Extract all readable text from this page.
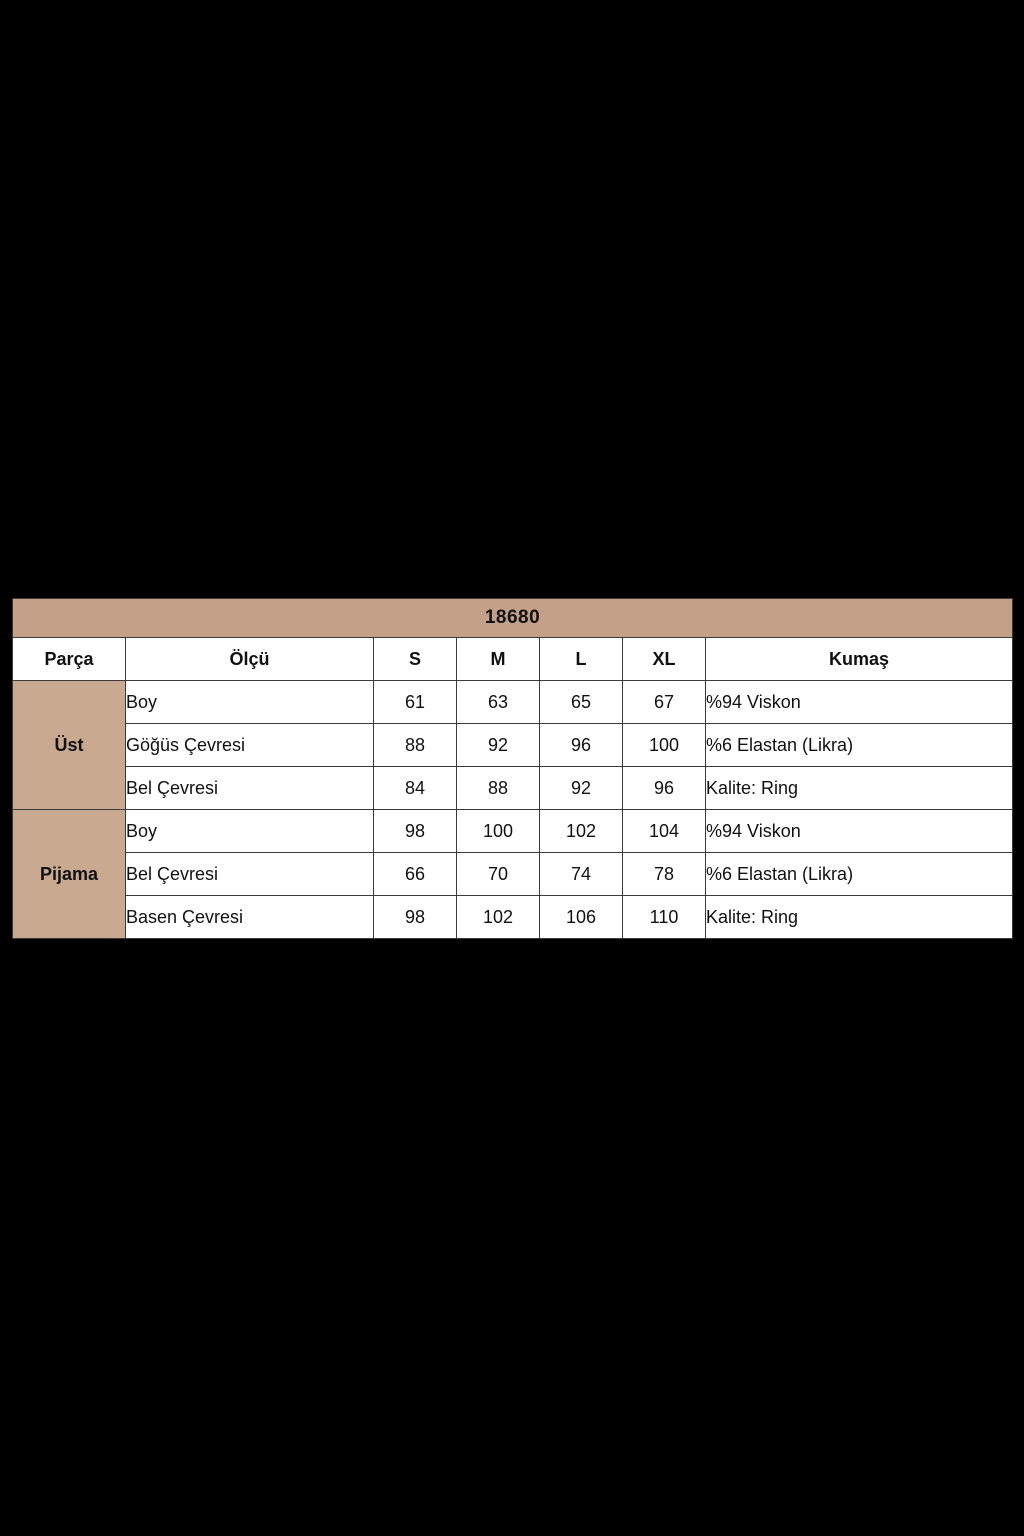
18680						
Parça	Ölçü	S	M	L	XL	Kumaş
Üst	Boy	61	63	65	67	%94 Viskon
	Göğüs Çevresi	88	92	96	100	%6 Elastan (Likra)
	Bel Çevresi	84	88	92	96	Kalite: Ring
Pijama	Boy	98	100	102	104	%94 Viskon
	Bel Çevresi	66	70	74	78	%6 Elastan (Likra)
	Basen Çevresi	98	102	106	110	Kalite: Ring
